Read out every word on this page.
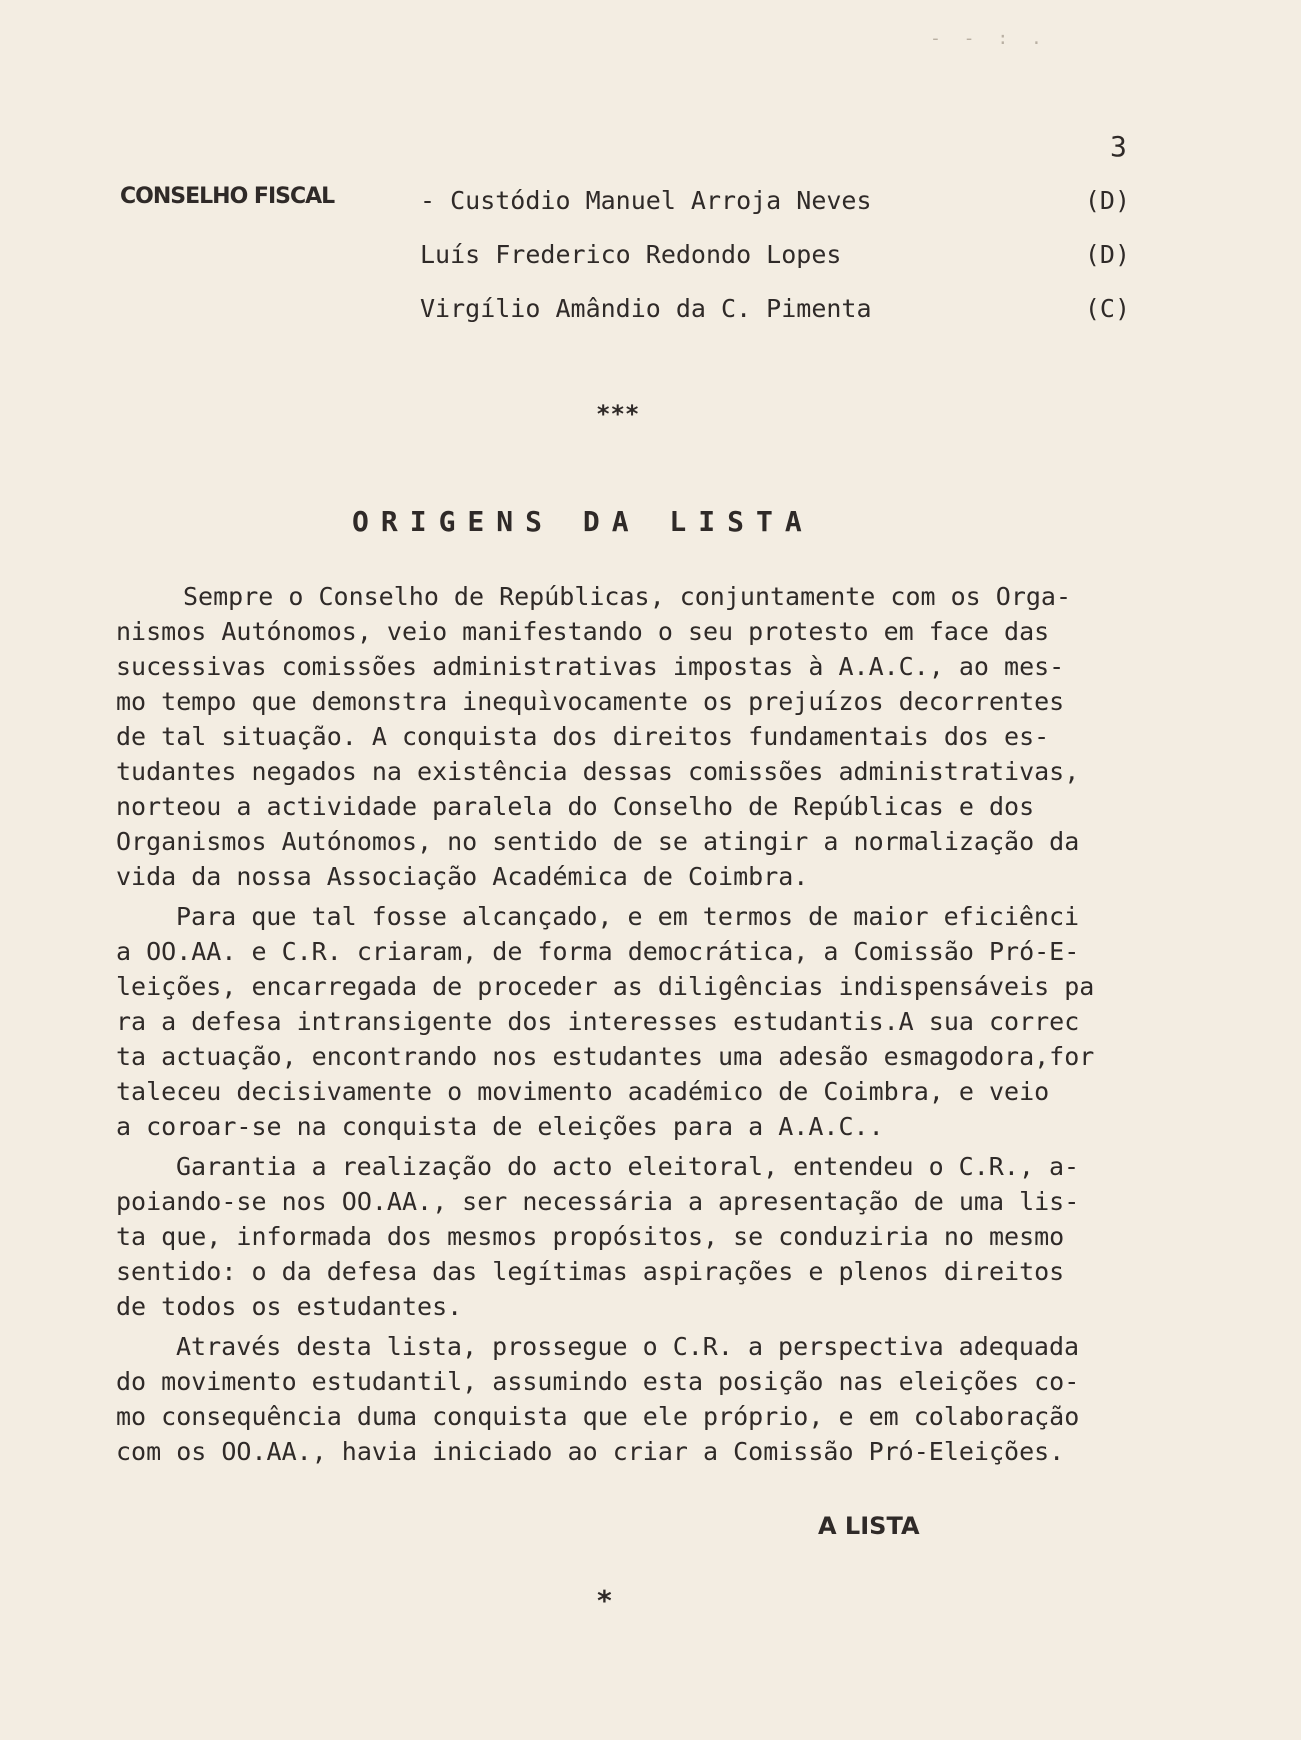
- - : .
3
CONSELHO FISCAL	- Custódio Manuel Arroja Neves	(D)
Luís Frederico Redondo Lopes	(D)
Virgílio Amândio da C. Pimenta	(C)
***
ORIGENS DA LISTA
Sempre o Conselho de Repúblicas, conjuntamente com os Orga-
nismos Autónomos, veio manifestando o seu protesto em face das
sucessivas comissões administrativas impostas à A.A.C., ao mes-
mo tempo que demonstra inequìvocamente os prejuízos decorrentes
de tal situação. A conquista dos direitos fundamentais dos es-
tudantes negados na existência dessas comissões administrativas,
norteou a actividade paralela do Conselho de Repúblicas e dos
Organismos Autónomos, no sentido de se atingir a normalização da
vida da nossa Associação Académica de Coimbra.
Para que tal fosse alcançado, e em termos de maior eficiênci
a OO.AA. e C.R. criaram, de forma democrática, a Comissão Pró-E-
leições, encarregada de proceder as diligências indispensáveis pa
ra a defesa intransigente dos interesses estudantis.A sua correc
ta actuação, encontrando nos estudantes uma adesão esmagodora,for
taleceu decisivamente o movimento académico de Coimbra, e veio
a coroar-se na conquista de eleições para a A.A.C..
Garantia a realização do acto eleitoral, entendeu o C.R., a-
poiando-se nos OO.AA., ser necessária a apresentação de uma lis-
ta que, informada dos mesmos propósitos, se conduziria no mesmo
sentido: o da defesa das legítimas aspirações e plenos direitos
de todos os estudantes.
Através desta lista, prossegue o C.R. a perspectiva adequada
do movimento estudantil, assumindo esta posição nas eleições co-
mo consequência duma conquista que ele próprio, e em colaboração
com os OO.AA., havia iniciado ao criar a Comissão Pró-Eleições.
A LISTA
*
